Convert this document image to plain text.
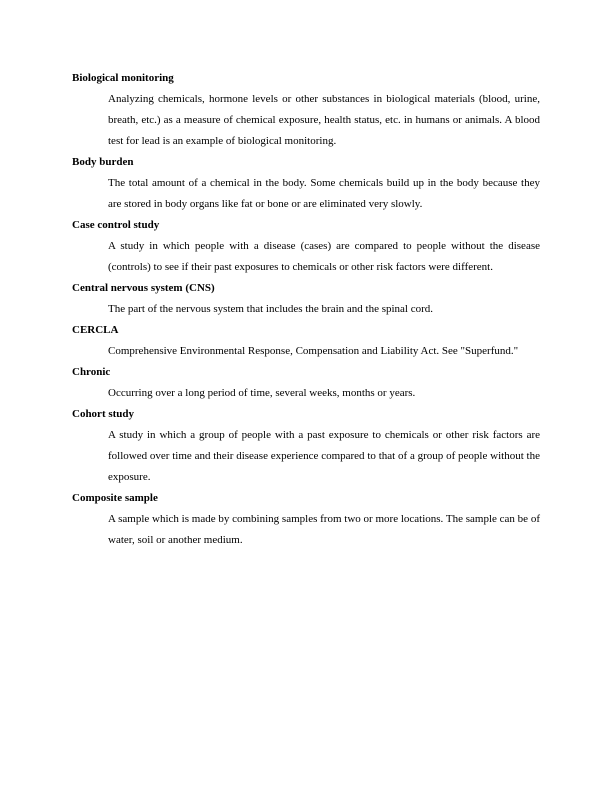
Biological monitoring

Analyzing chemicals, hormone levels or other substances in biological materials (blood, urine, breath, etc.) as a measure of chemical exposure, health status, etc. in humans or animals. A blood test for lead is an example of biological monitoring.

Body burden

The total amount of a chemical in the body. Some chemicals build up in the body because they are stored in body organs like fat or bone or are eliminated very slowly.

Case control study

A study in which people with a disease (cases) are compared to people without the disease (controls) to see if their past exposures to chemicals or other risk factors were different.

Central nervous system (CNS)

The part of the nervous system that includes the brain and the spinal cord.

CERCLA

Comprehensive Environmental Response, Compensation and Liability Act. See "Superfund."

Chronic

Occurring over a long period of time, several weeks, months or years.

Cohort study

A study in which a group of people with a past exposure to chemicals or other risk factors are followed over time and their disease experience compared to that of a group of people without the exposure.

Composite sample

A sample which is made by combining samples from two or more locations. The sample can be of water, soil or another medium.
